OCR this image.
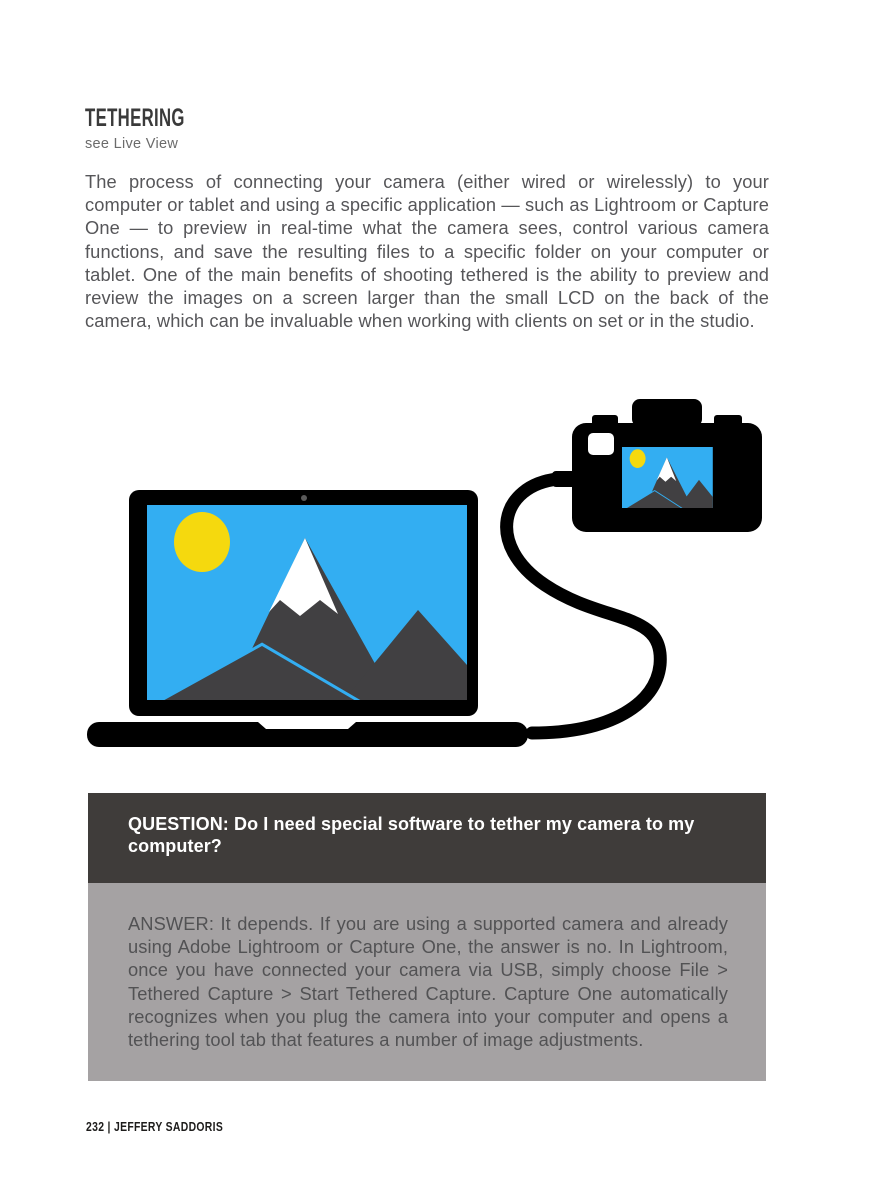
TETHERING
see Live View

The process of connecting your camera (either wired or wirelessly) to your computer or tablet and using a specific application — such as Lightroom or Capture One — to preview in real-time what the camera sees, control various camera functions, and save the resulting files to a specific folder on your computer or tablet. One of the main benefits of shooting tethered is the ability to preview and review the images on a screen larger than the small LCD on the back of the camera, which can be invaluable when working with clients on set or in the studio.

QUESTION: Do I need special software to tether my camera to my computer?
ANSWER: It depends. If you are using a supported camera and already using Adobe Lightroom or Capture One, the answer is no. In Lightroom, once you have connected your camera via USB, simply choose File > Tethered Capture > Start Tethered Capture. Capture One automatically recognizes when you plug the camera into your computer and opens a tethering tool tab that features a number of image adjustments.
232 | JEFFERY SADDORIS
